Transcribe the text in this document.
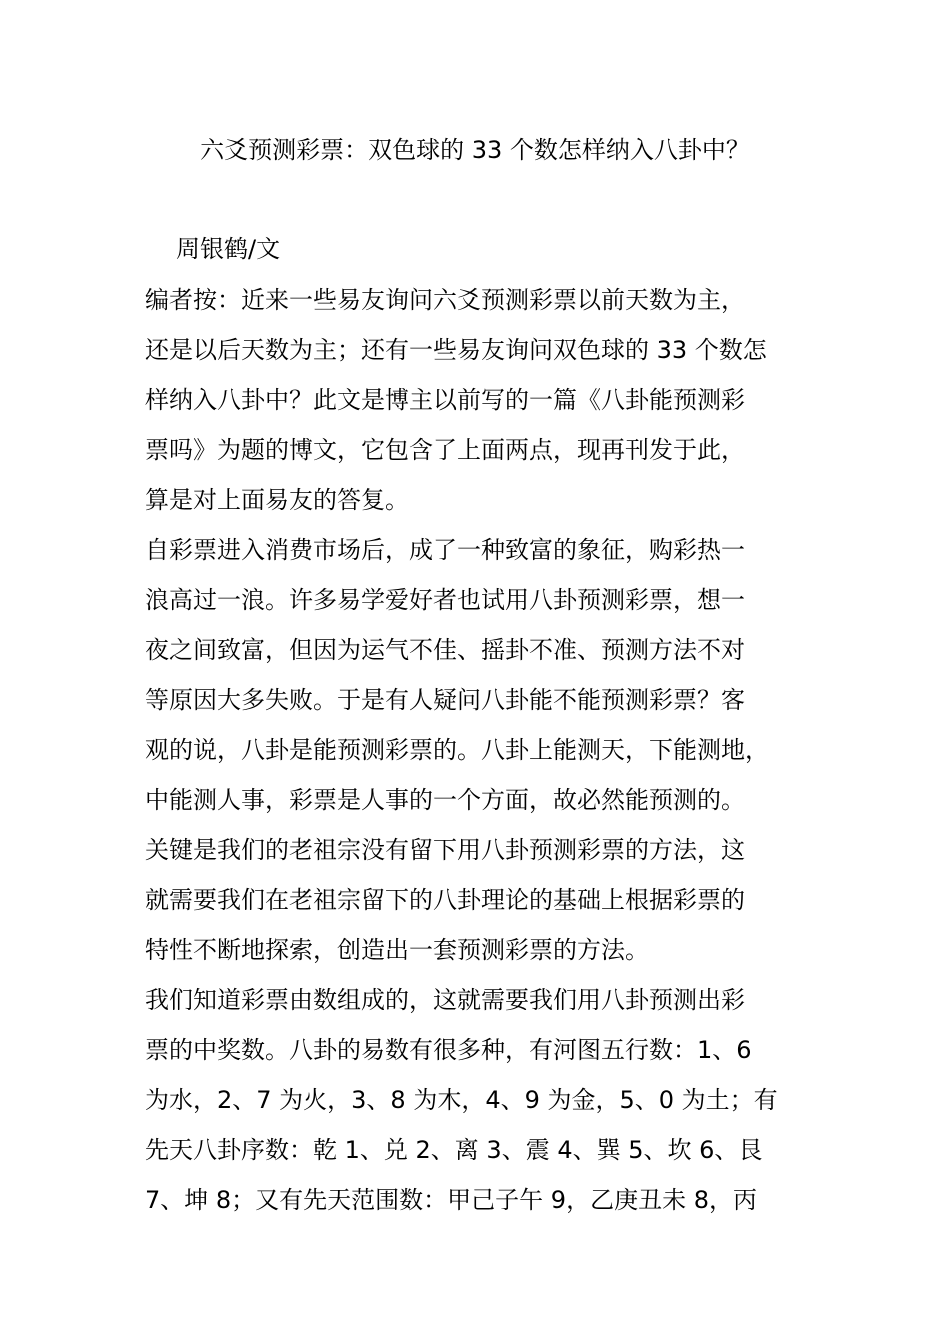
六爻预测彩票：双色球的 33 个数怎样纳入八卦中？
周银鹤/文
编者按：近来一些易友询问六爻预测彩票以前天数为主，
还是以后天数为主；还有一些易友询问双色球的 33 个数怎
样纳入八卦中？此文是博主以前写的一篇《八卦能预测彩
票吗》为题的博文，它包含了上面两点，现再刊发于此，
算是对上面易友的答复。
自彩票进入消费市场后，成了一种致富的象征，购彩热一
浪高过一浪。许多易学爱好者也试用八卦预测彩票，想一
夜之间致富，但因为运气不佳、摇卦不准、预测方法不对
等原因大多失败。于是有人疑问八卦能不能预测彩票？客
观的说，八卦是能预测彩票的。八卦上能测天，下能测地，
中能测人事，彩票是人事的一个方面，故必然能预测的。
关键是我们的老祖宗没有留下用八卦预测彩票的方法，这
就需要我们在老祖宗留下的八卦理论的基础上根据彩票的
特性不断地探索，创造出一套预测彩票的方法。
我们知道彩票由数组成的，这就需要我们用八卦预测出彩
票的中奖数。八卦的易数有很多种，有河图五行数：1、6
为水，2、7 为火，3、8 为木，4、9 为金，5、0 为土；有
先天八卦序数：乾 1、兑 2、离 3、震 4、巽 5、坎 6、艮
7、坤 8；又有先天范围数：甲己子午 9，乙庚丑未 8，丙
